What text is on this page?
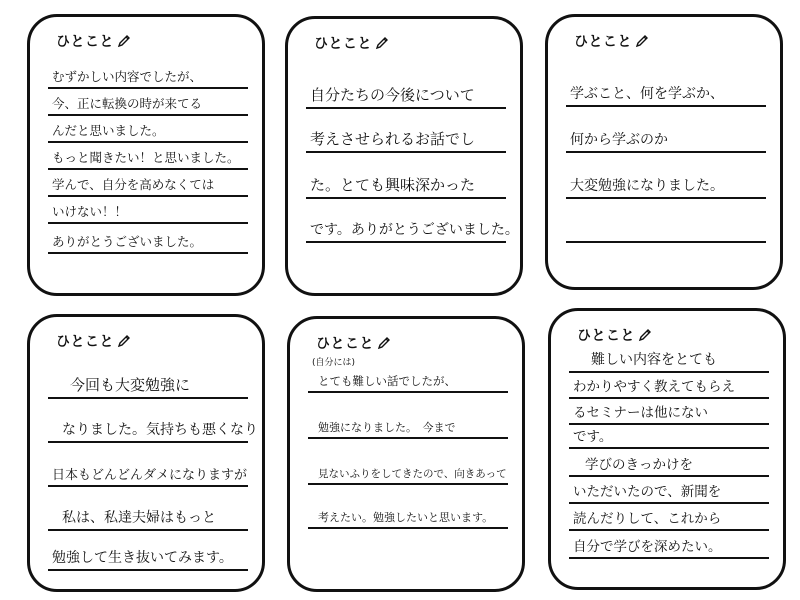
ひとこと
むずかしい内容でしたが、
今、正に転換の時が来てる
んだと思いました。
もっと聞きたい！と思いました。
学んで、自分を高めなくては
いけない！！
ありがとうございました。
ひとこと
自分たちの今後について
考えさせられるお話でし
た。とても興味深かった
です。ありがとうございました。
ひとこと
学ぶこと、何を学ぶか、
何から学ぶのか
大変勉強になりました。
ひとこと
今回も大変勉強に
なりました。気持ちも悪くなり
日本もどんどんダメになりますが
私は、私達夫婦はもっと
勉強して生き抜いてみます。
ひとこと
(自分には)
とても難しい話でしたが、
勉強になりました。　今まで
見ないふりをしてきたので、向きあって
考えたい。勉強したいと思います。
ひとこと
難しい内容をとても
わかりやすく教えてもらえ
るセミナーは他にない
です。
学びのきっかけを
いただいたので、新聞を
読んだりして、これから
自分で学びを深めたい。
